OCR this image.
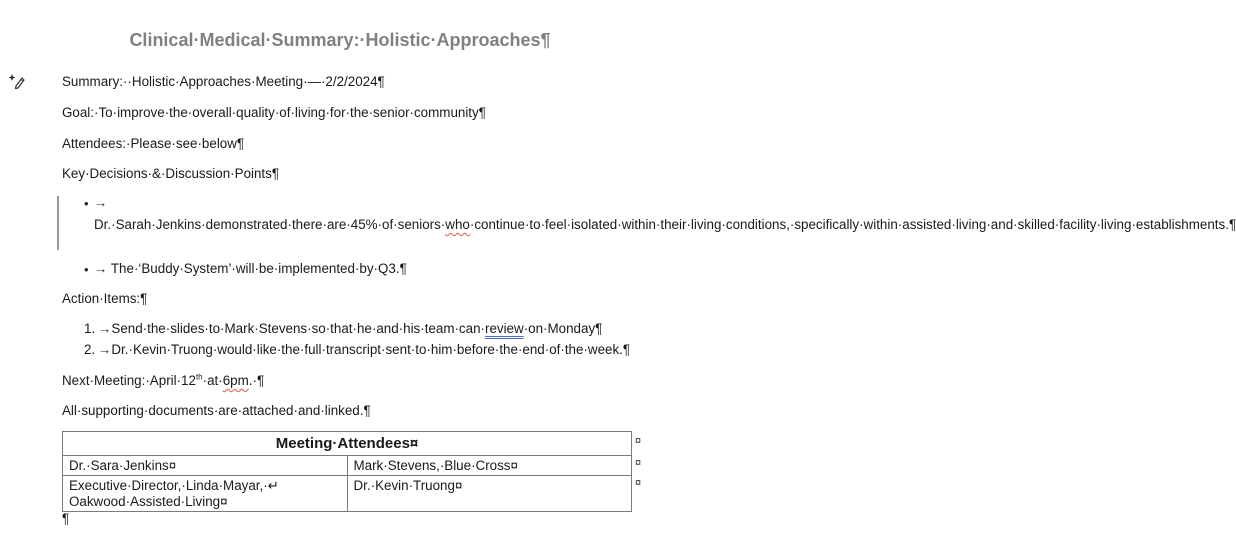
Clinical·Medical·Summary:·Holistic·Approaches¶
Summary:··Holistic·Approaches·Meeting·—·2/2/2024¶
Goal:·To·improve·the·overall·quality·of·living·for·the·senior·community¶
Attendees:·Please·see·below¶
Key·Decisions·&·Discussion·Points¶
• → Dr.·Sarah·Jenkins·demonstrated·there·are·45%·of·seniors·who·continue·to·feel·isolated·within·their·living·conditions,·specifically·within·assisted·living·and·skilled·facility·living·establishments.¶
• → The·‘Buddy·System’·will·be·implemented·by·Q3.¶
Action·Items:¶
1. →Send·the·slides·to·Mark·Stevens·so·that·he·and·his·team·can·review·on·Monday¶
2. →Dr.·Kevin·Truong·would·like·the·full·transcript·sent·to·him·before·the·end·of·the·week.¶
Next·Meeting:·April·12th·at·6pm.·¶
All·supporting·documents·are·attached·and·linked.¶
Meeting·Attendees¤	
Dr.·Sara·Jenkins¤	Mark·Stevens,·Blue·Cross¤

Executive·Director,·Linda·Mayar,·↵
Oakwood·Assisted·Living¤	Dr.·Kevin·Truong¤
¤
¤
¤
¶
